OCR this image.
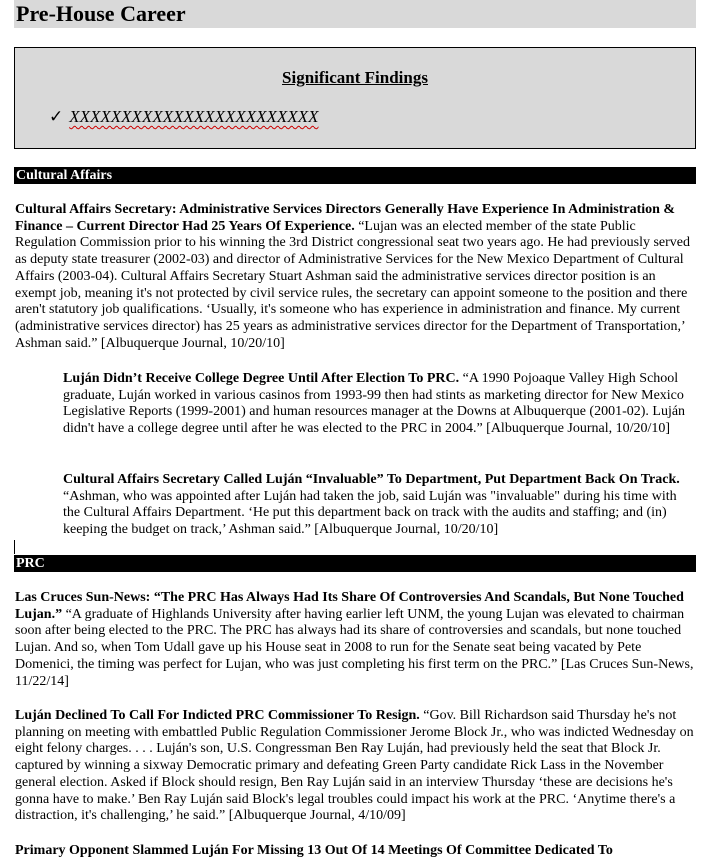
Pre-House Career
Significant Findings
✓ XXXXXXXXXXXXXXXXXXXXXXXX
Cultural Affairs

Cultural Affairs Secretary: Administrative Services Directors Generally Have Experience In Administration & Finance – Current Director Had 25 Years Of Experience. “Lujan was an elected member of the state Public Regulation Commission prior to his winning the 3rd District congressional seat two years ago. He had previously served as deputy state treasurer (2002-03) and director of Administrative Services for the New Mexico Department of Cultural Affairs (2003-04). Cultural Affairs Secretary Stuart Ashman said the administrative services director position is an exempt job, meaning it's not protected by civil service rules, the secretary can appoint someone to the position and there aren't statutory job qualifications. ‘Usually, it's someone who has experience in administration and finance. My current (administrative services director) has 25 years as administrative services director for the Department of Transportation,’ Ashman said.” [Albuquerque Journal, 10/20/10]

Luján Didn’t Receive College Degree Until After Election To PRC. “A 1990 Pojoaque Valley High School graduate, Luján worked in various casinos from 1993-99 then had stints as marketing director for New Mexico Legislative Reports (1999-2001) and human resources manager at the Downs at Albuquerque (2001-02). Luján didn't have a college degree until after he was elected to the PRC in 2004.” [Albuquerque Journal, 10/20/10]

Cultural Affairs Secretary Called Luján “Invaluable” To Department, Put Department Back On Track. “Ashman, who was appointed after Luján had taken the job, said Luján was "invaluable" during his time with the Cultural Affairs Department. ‘He put this department back on track with the audits and staffing; and (in) keeping the budget on track,’ Ashman said.” [Albuquerque Journal, 10/20/10]

PRC

Las Cruces Sun-News: “The PRC Has Always Had Its Share Of Controversies And Scandals, But None Touched Lujan.” “A graduate of Highlands University after having earlier left UNM, the young Lujan was elevated to chairman soon after being elected to the PRC. The PRC has always had its share of controversies and scandals, but none touched Lujan. And so, when Tom Udall gave up his House seat in 2008 to run for the Senate seat being vacated by Pete Domenici, the timing was perfect for Lujan, who was just completing his first term on the PRC.” [Las Cruces Sun-News, 11/22/14]

Luján Declined To Call For Indicted PRC Commissioner To Resign. “Gov. Bill Richardson said Thursday he's not planning on meeting with embattled Public Regulation Commissioner Jerome Block Jr., who was indicted Wednesday on eight felony charges. . . . Luján's son, U.S. Congressman Ben Ray Luján, had previously held the seat that Block Jr. captured by winning a sixway Democratic primary and defeating Green Party candidate Rick Lass in the November general election. Asked if Block should resign, Ben Ray Luján said in an interview Thursday ‘these are decisions he's gonna have to make.’ Ben Ray Luján said Block's legal troubles could impact his work at the PRC. ‘Anytime there's a distraction, it's challenging,’ he said.” [Albuquerque Journal, 4/10/09]

Primary Opponent Slammed Luján For Missing 13 Out Of 14 Meetings Of Committee Dedicated To
